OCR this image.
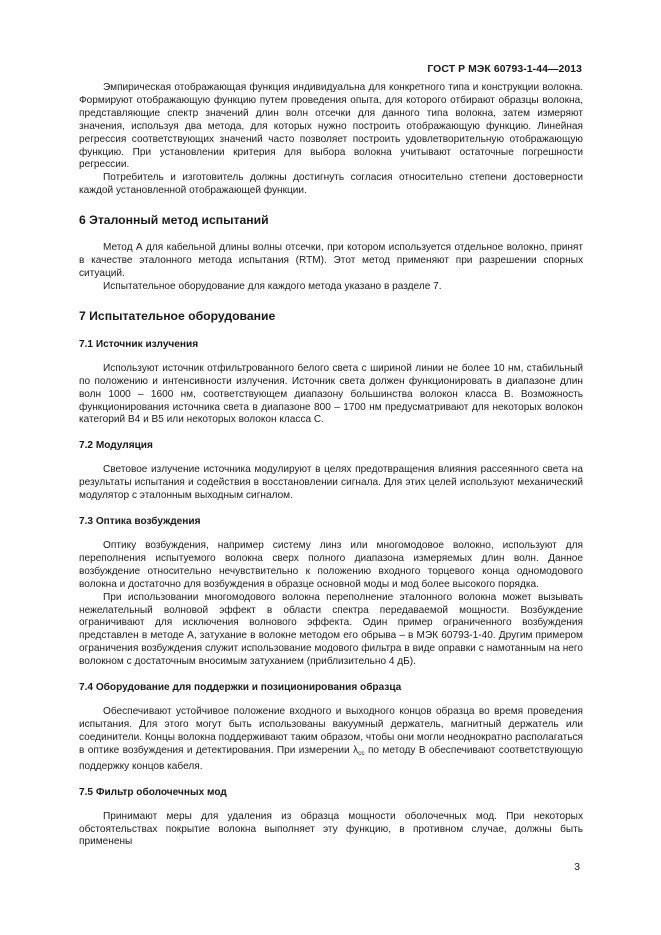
ГОСТ Р МЭК 60793-1-44—2013

Эмпирическая отображающая функция индивидуальна для конкретного типа и конструкции волокна. Формируют отображающую функцию путем проведения опыта, для которого отбирают образцы волокна, представляющие спектр значений длин волн отсечки для данного типа волокна, затем измеряют значения, используя два метода, для которых нужно построить отображающую функцию. Линейная регрессия соответствующих значений часто позволяет построить удовлетворительную отображающую функцию. При установлении критерия для выбора волокна учитывают остаточные погрешности регрессии.

Потребитель и изготовитель должны достигнуть согласия относительно степени достоверности каждой установленной отображающей функции.

6 Эталонный метод испытаний

Метод А для кабельной длины волны отсечки, при котором используется отдельное волокно, принят в качестве эталонного метода испытания (RTM). Этот метод применяют при разрешении спорных ситуаций.

Испытательное оборудование для каждого метода указано в разделе 7.

7 Испытательное оборудование
7.1 Источник излучения

Используют источник отфильтрованного белого света с шириной линии не более 10 нм, стабильный по положению и интенсивности излучения. Источник света должен функционировать в диапазоне длин волн 1000 – 1600 нм, соответствующем диапазону большинства волокон класса В. Возможность функционирования источника света в диапазоне 800 – 1700 нм предусматривают для некоторых волокон категорий В4 и В5 или некоторых волокон класса С.

7.2 Модуляция

Световое излучение источника модулируют в целях предотвращения влияния рассеянного света на результаты испытания и содействия в восстановлении сигнала. Для этих целей используют механический модулятор с эталонным выходным сигналом.

7.3 Оптика возбуждения

Оптику возбуждения, например систему линз или многомодовое волокно, используют для переполнения испытуемого волокна сверх полного диапазона измеряемых длин волн. Данное возбуждение относительно нечувствительно к положению входного торцевого конца одномодового волокна и достаточно для возбуждения в образце основной моды и мод более высокого порядка.

При использовании многомодового волокна переполнение эталонного волокна может вызывать нежелательный волновой эффект в области спектра передаваемой мощности. Возбуждение ограничивают для исключения волнового эффекта. Один пример ограниченного возбуждения представлен в методе А, затухание в волокне методом его обрыва – в МЭК 60793-1-40. Другим примером ограничения возбуждения служит использование модового фильтра в виде оправки с намотанным на него волокном с достаточным вносимым затуханием (приблизительно 4 дБ).

7.4 Оборудование для поддержки и позиционирования образца

Обеспечивают устойчивое положение входного и выходного концов образца во время проведения испытания. Для этого могут быть использованы вакуумный держатель, магнитный держатель или соединители. Концы волокна поддерживают таким образом, чтобы они могли неоднократно располагаться в оптике возбуждения и детектирования. При измерении $\lambda_{cc}$ по методу В обеспечивают соответствующую поддержку концов кабеля.

7.5 Фильтр оболочечных мод

Принимают меры для удаления из образца мощности оболочечных мод. При некоторых обстоятельствах покрытие волокна выполняет эту функцию, в противном случае, должны быть применены

3
